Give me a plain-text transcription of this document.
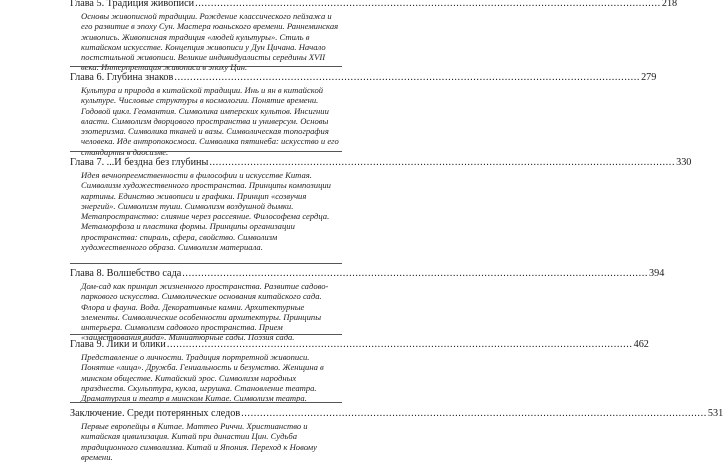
Глава 5. Традиция живописи .....	218
Основы живописной традиции. Рождение классического пейзажа и его развитие в эпоху Сун. Мастера юаньского времени. Раннеминская живопись. Живописная традиция «людей культуры». Стиль в китайском искусстве. Концепция живописи у Дун Цичана. Начало постстильной живописи. Великие индивидуалисты середины XVII века. Интерпретация живописи в эпоху Цин.
Глава 6. Глубина знаков .....	279
Культура и природа в китайской традиции. Инь и ян в китайской культуре. Числовые структуры в космологии. Понятие времени. Годовой цикл. Геомантия. Символика имперских культов. Инсигнии власти. Символизм дворцового пространства и универсум. Основы эзотеризма. Символика тканей и вазы. Символическая топография человека. Иде антропокосмоса. Символика пятинеба: искусство и его стандарты в даосизме.
Глава 7. ...И бездна без глубины .....	330
Идея вечнопреемственности в философии и искусстве Китая. Символизм художественного пространства. Принципы композиции картины. Единство живописи и графики. Принцип «созвучия энергий». Символизм туши. Символизм воздушной дымки. Метапространство: слияние через рассеяние. Философема сердца. Метаморфоза и пластика формы. Принципы организации пространства: спираль, сфера, свойство. Символизм художественного образа. Символизм материала.
Глава 8. Волшебство сада .....	394
Дом-сад как принцип жизненного пространства. Развитие садово-паркового искусства. Символические основания китайского сада. Флора и фауна. Вода. Декоративные камни. Архитектурные элементы. Символические особенности архитектуры. Принципы интерьера. Символизм садового пространства. Прием «заимствования вида». Миниатюрные сады. Поэзия сада.
Глава 9. Лики и блики .....	462
Представление о личности. Традиция портретной живописи. Понятие «лица». Дружба. Гениальность и безумство. Женщина в минском обществе. Китайский эрос. Символизм народных празднеств. Скульптура, кукла, игрушка. Становление театра. Драматургия и театр в минском Китае. Символизм театра.
Заключение. Среди потерянных следов .....	531
Первые европейцы в Китае. Маттео Риччи. Христианство и китайская цивилизация. Китай при династии Цин. Судьба традиционного символизма. Китай и Япония. Переход к Новому времени.
